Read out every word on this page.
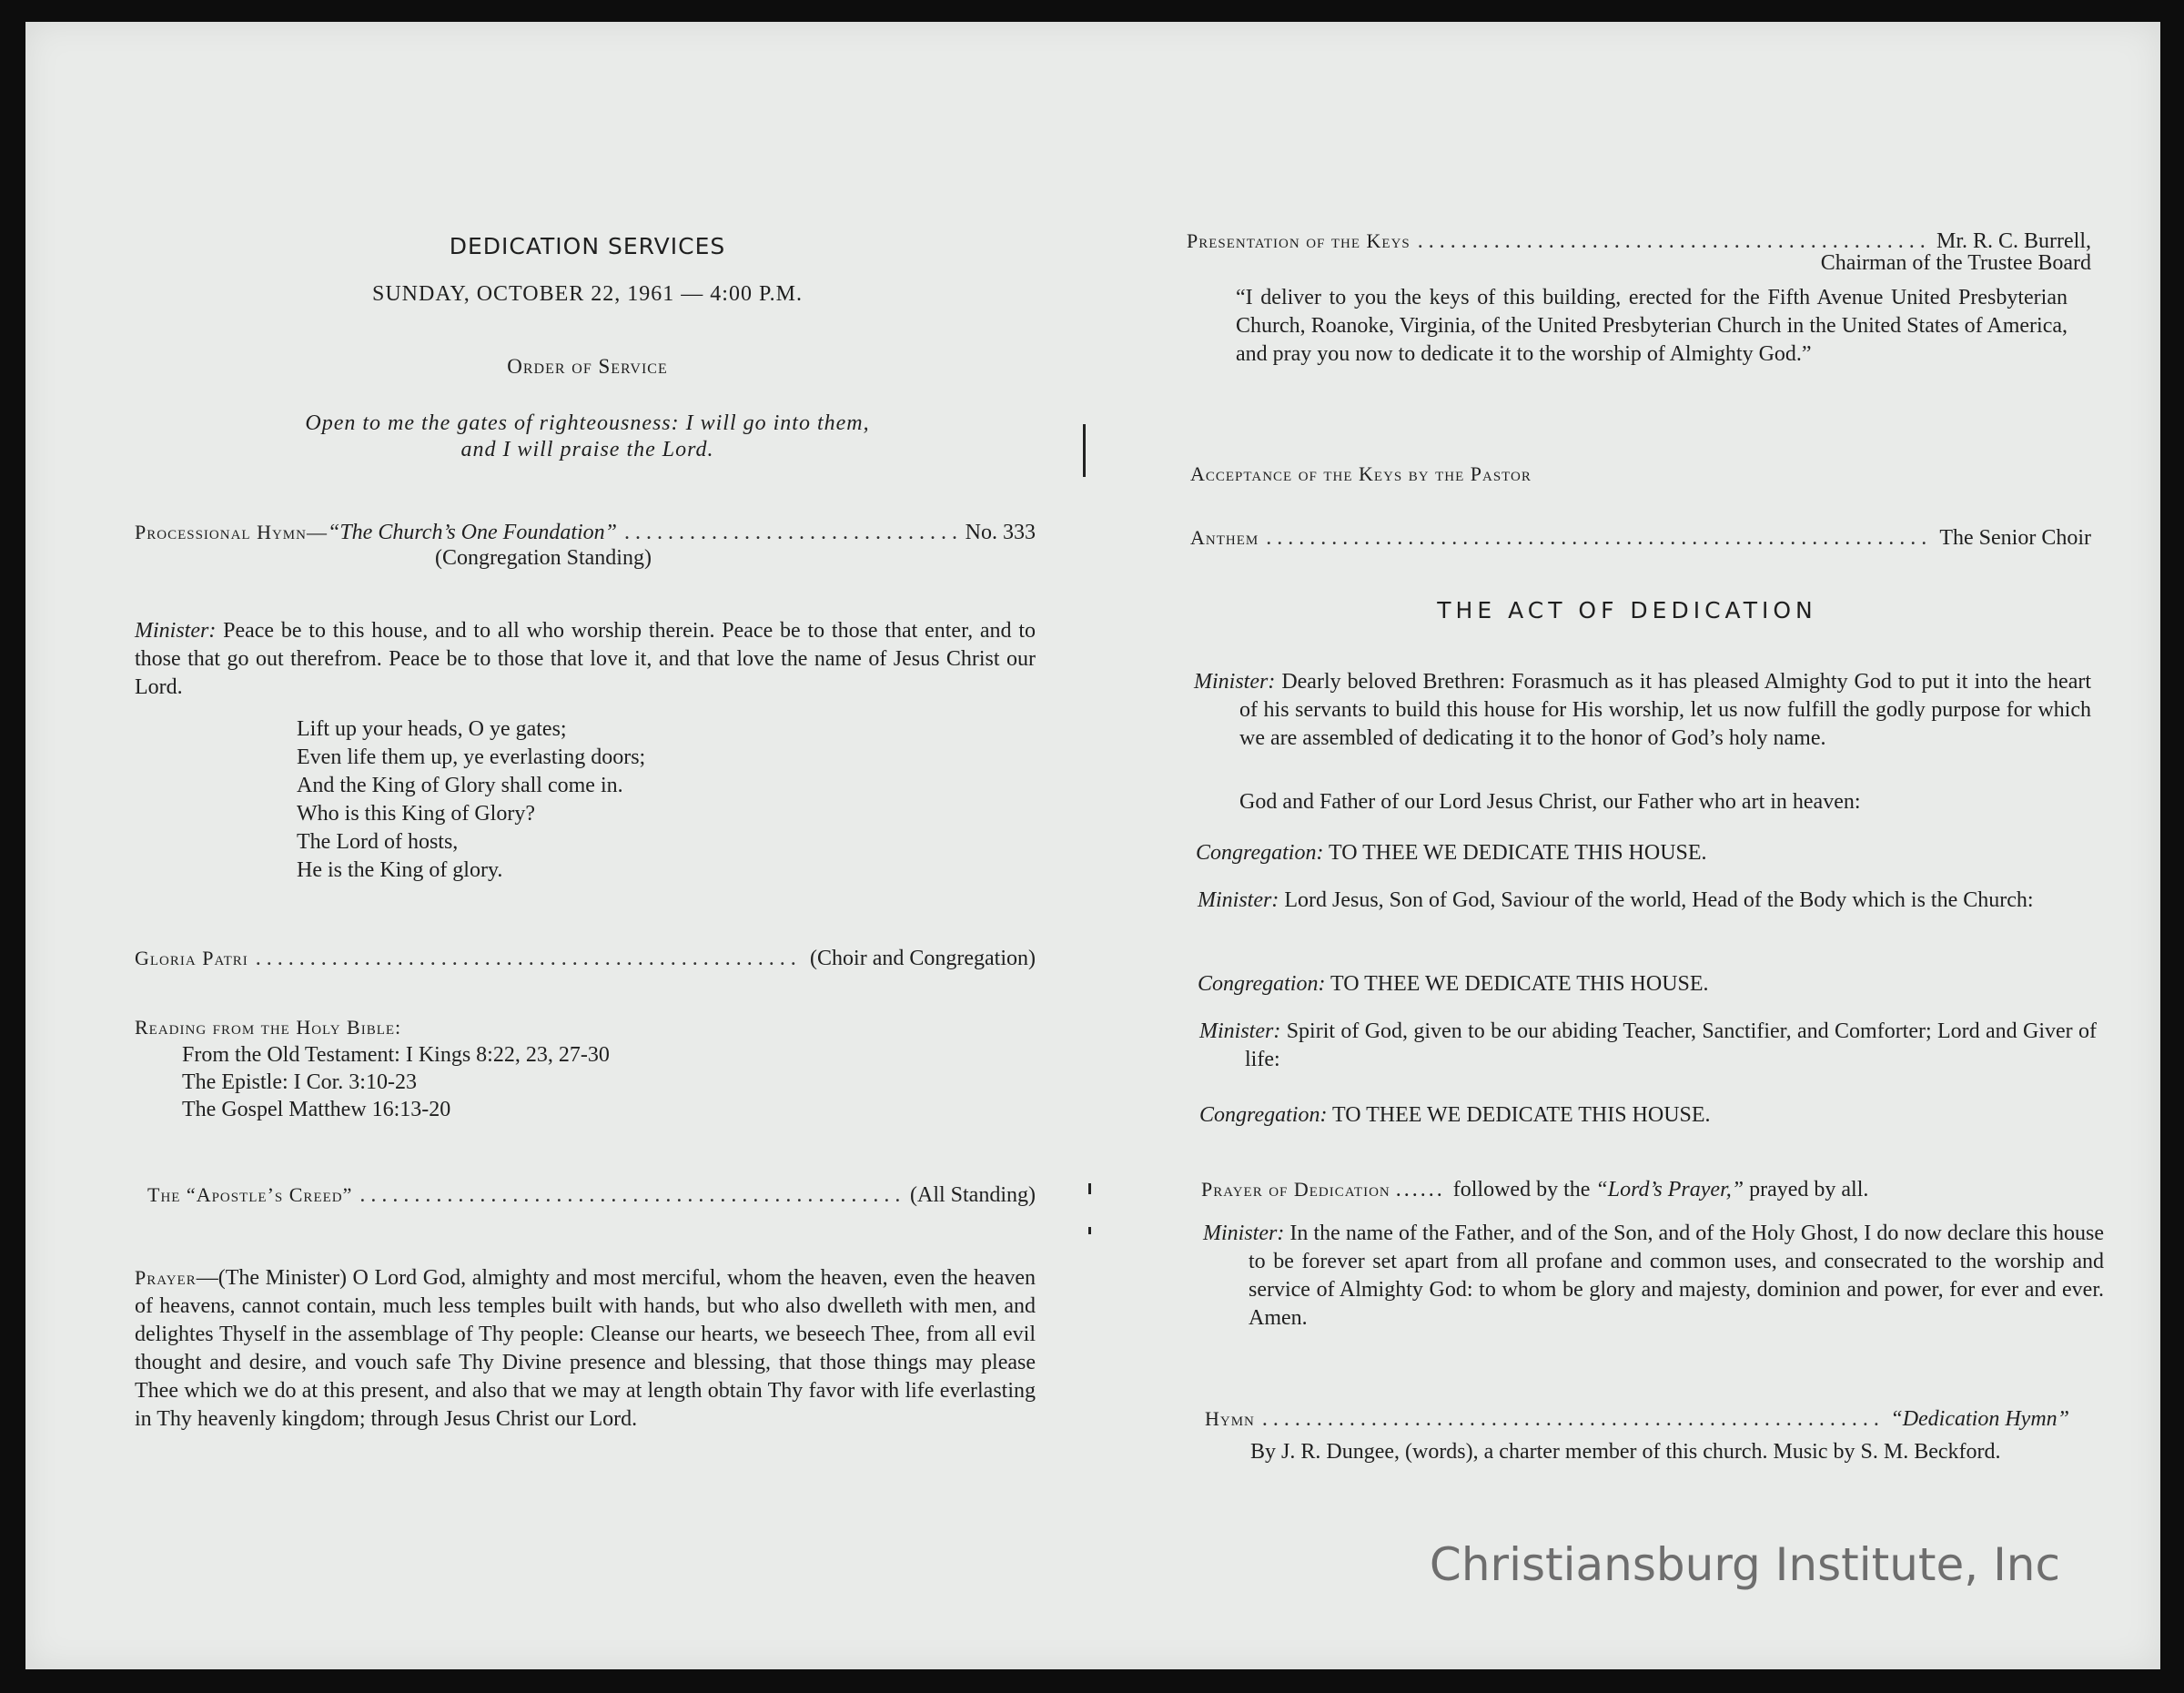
DEDICATION SERVICES
SUNDAY, OCTOBER 22, 1961 — 4:00 P.M.
Order of Service
Open to me the gates of righteousness: I will go into them,
and I will praise the Lord.
Processional Hymn— “The Church’s One Foundation” . . .	No. 333
(Congregation Standing)
Minister: Peace be to this house, and to all who worship therein. Peace be to those that enter, and to those that go out therefrom. Peace be to those that love it, and that love the name of Jesus Christ our Lord.
Lift up your heads, O ye gates;
Even life them up, ye everlasting doors;
And the King of Glory shall come in.
Who is this King of Glory?
The Lord of hosts,
He is the King of glory.
Gloria Patri . . .	(Choir and Congregation)
Reading from the Holy Bible:
From the Old Testament: I Kings 8:22, 23, 27-30
The Epistle: I Cor. 3:10-23
The Gospel Matthew 16:13-20
The “Apostle’s Creed” . . .	(All Standing)
Prayer—(The Minister) O Lord God, almighty and most merciful, whom the heaven, even the heaven of heavens, cannot contain, much less temples built with hands, but who also dwelleth with men, and delightes Thyself in the assemblage of Thy people: Cleanse our hearts, we beseech Thee, from all evil thought and desire, and vouch safe Thy Divine presence and blessing, that those things may please Thee which we do at this present, and also that we may at length obtain Thy favor with life everlasting in Thy heavenly kingdom; through Jesus Christ our Lord.
Presentation of the Keys . . .	Mr. R. C. Burrell,
Chairman of the Trustee Board
“I deliver to you the keys of this building, erected for the Fifth Avenue United Presbyterian Church, Roanoke, Virginia, of the United Presbyterian Church in the United States of America, and pray you now to dedicate it to the worship of Almighty God.”
Acceptance of the Keys by the Pastor
Anthem . . .	The Senior Choir
THE ACT OF DEDICATION
Minister: Dearly beloved Brethren: Forasmuch as it has pleased Almighty God to put it into the heart of his servants to build this house for His worship, let us now fulfill the godly purpose for which we are assembled of dedicating it to the honor of God’s holy name.
God and Father of our Lord Jesus Christ, our Father who art in heaven:
Congregation: TO THEE WE DEDICATE THIS HOUSE.
Minister: Lord Jesus, Son of God, Saviour of the world, Head of the Body which is the Church:
Congregation: TO THEE WE DEDICATE THIS HOUSE.
Minister: Spirit of God, given to be our abiding Teacher, Sanctifier, and Comforter; Lord and Giver of life:
Congregation: TO THEE WE DEDICATE THIS HOUSE.
Prayer of Dedication ...... followed by the “Lord’s Prayer,” prayed by all.
Minister: In the name of the Father, and of the Son, and of the Holy Ghost, I do now declare this house to be forever set apart from all profane and common uses, and consecrated to the worship and service of Almighty God: to whom be glory and majesty, dominion and power, for ever and ever. Amen.
Hymn . . .	“Dedication Hymn”
By J. R. Dungee, (words), a charter member of this church. Music by S. M. Beckford.
Christiansburg Institute, Inc
